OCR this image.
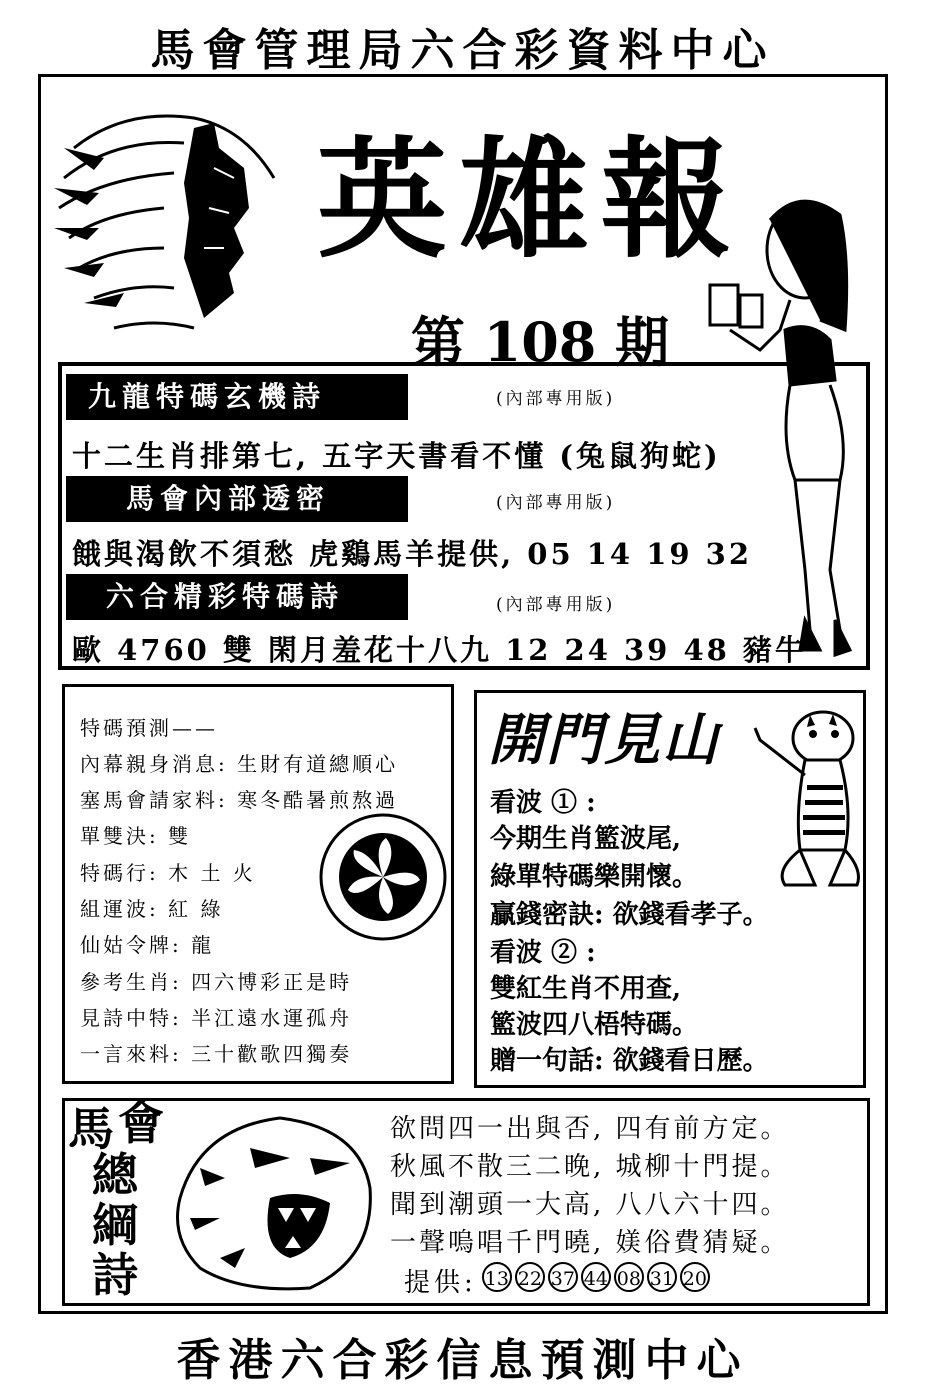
馬會管理局六合彩資料中心
英雄報
第 108 期
九龍特碼玄機詩	(內部專用版)
十二生肖排第七, 五字天書看不懂 (兔鼠狗蛇)
馬會內部透密	(內部專用版)
餓與渴飲不須愁 虎鷄馬羊提供, 05 14 19 32
六合精彩特碼詩	(內部專用版)
歐 4760 雙 閑月羞花十八九 12 24 39 48 豬牛
特碼預測——
內幕親身消息: 生財有道總順心
塞馬會請家料: 寒冬酷暑煎熬過
單雙決: 雙
特碼行: 木 土 火
組運波: 紅 綠
仙姑令牌: 龍
參考生肖: 四六博彩正是時
見詩中特: 半江遠水運孤舟
一言來料: 三十歡歌四獨奏
開門見山
看波 ① :
今期生肖籃波尾,
綠單特碼樂開懷。
贏錢密訣: 欲錢看孝子。
看波 ② :
雙紅生肖不用查,
籃波四八梧特碼。
贈一句話: 欲錢看日歷。
馬 會
總
綱
詩
欲問四一出與否, 四有前方定。
秋風不散三二晚, 城柳十門提。
聞到潮頭一大高, 八八六十四。
一聲嗚唱千門曉, 媄俗費猜疑。
提供: 13 22 37 44 08 31 20
香港六合彩信息預測中心
